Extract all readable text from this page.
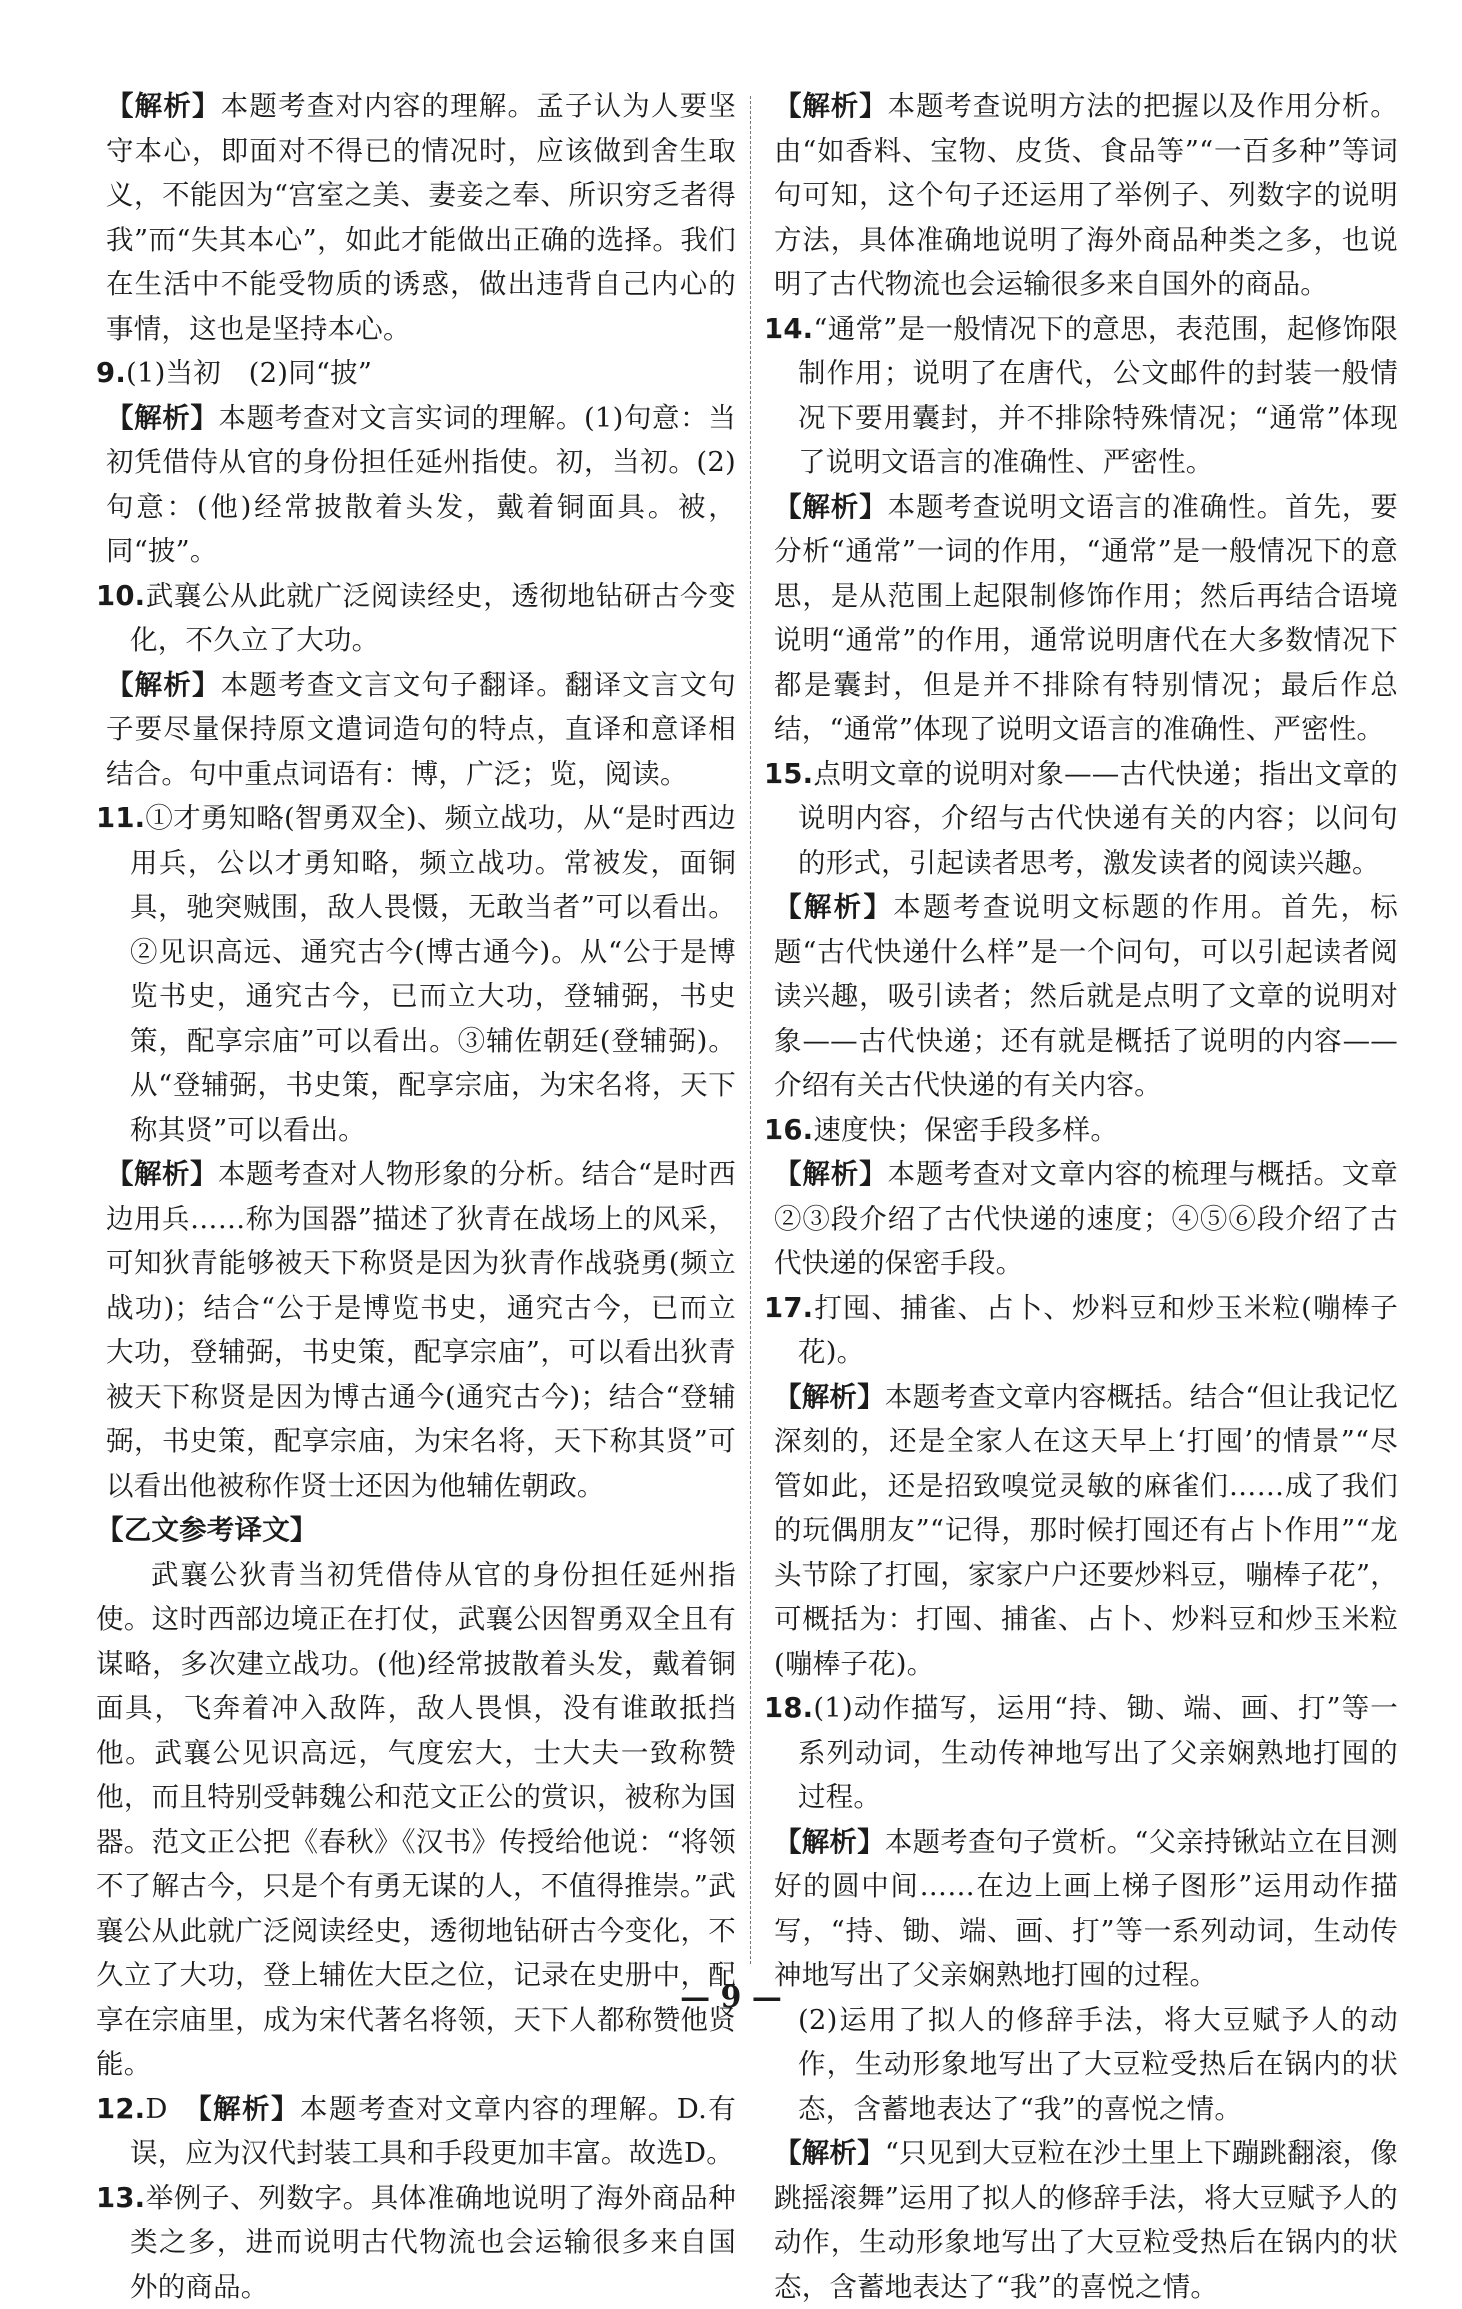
【解析】本题考查对内容的理解。孟子认为人要坚守本心，即面对不得已的情况时，应该做到舍生取义，不能因为“宫室之美、妻妾之奉、所识穷乏者得我”而“失其本心”，如此才能做出正确的选择。我们在生活中不能受物质的诱惑，做出违背自己内心的事情，这也是坚持本心。

9.(1)当初　(2)同“披”

【解析】本题考查对文言实词的理解。(1)句意：当初凭借侍从官的身份担任延州指使。初，当初。(2)句意：(他)经常披散着头发，戴着铜面具。被，同“披”。

10.武襄公从此就广泛阅读经史，透彻地钻研古今变化，不久立了大功。

【解析】本题考查文言文句子翻译。翻译文言文句子要尽量保持原文遣词造句的特点，直译和意译相结合。句中重点词语有：博，广泛；览，阅读。

11.①才勇知略(智勇双全)、频立战功，从“是时西边用兵，公以才勇知略，频立战功。常被发，面铜具，驰突贼围，敌人畏慑，无敢当者”可以看出。②见识高远、通究古今(博古通今)。从“公于是博览书史，通究古今，已而立大功，登辅弼，书史策，配享宗庙”可以看出。③辅佐朝廷(登辅弼)。从“登辅弼，书史策，配享宗庙，为宋名将，天下称其贤”可以看出。

【解析】本题考查对人物形象的分析。结合“是时西边用兵……称为国器”描述了狄青在战场上的风采，可知狄青能够被天下称贤是因为狄青作战骁勇(频立战功)；结合“公于是博览书史，通究古今，已而立大功，登辅弼，书史策，配享宗庙”，可以看出狄青被天下称贤是因为博古通今(通究古今)；结合“登辅弼，书史策，配享宗庙，为宋名将，天下称其贤”可以看出他被称作贤士还因为他辅佐朝政。

【乙文参考译文】

武襄公狄青当初凭借侍从官的身份担任延州指使。这时西部边境正在打仗，武襄公因智勇双全且有谋略，多次建立战功。(他)经常披散着头发，戴着铜面具，飞奔着冲入敌阵，敌人畏惧，没有谁敢抵挡他。武襄公见识高远，气度宏大，士大夫一致称赞他，而且特别受韩魏公和范文正公的赏识，被称为国器。范文正公把《春秋》《汉书》传授给他说：“将领不了解古今，只是个有勇无谋的人，不值得推崇。”武襄公从此就广泛阅读经史，透彻地钻研古今变化，不久立了大功，登上辅佐大臣之位，记录在史册中，配享在宗庙里，成为宋代著名将领，天下人都称赞他贤能。

12.D　【解析】本题考查对文章内容的理解。D.有误，应为汉代封装工具和手段更加丰富。故选D。

13.举例子、列数字。具体准确地说明了海外商品种类之多，进而说明古代物流也会运输很多来自国外的商品。

【解析】本题考查说明方法的把握以及作用分析。由“如香料、宝物、皮货、食品等”“一百多种”等词句可知，这个句子还运用了举例子、列数字的说明方法，具体准确地说明了海外商品种类之多，也说明了古代物流也会运输很多来自国外的商品。

14.“通常”是一般情况下的意思，表范围，起修饰限制作用；说明了在唐代，公文邮件的封装一般情况下要用囊封，并不排除特殊情况；“通常”体现了说明文语言的准确性、严密性。

【解析】本题考查说明文语言的准确性。首先，要分析“通常”一词的作用，“通常”是一般情况下的意思，是从范围上起限制修饰作用；然后再结合语境说明“通常”的作用，通常说明唐代在大多数情况下都是囊封，但是并不排除有特别情况；最后作总结，“通常”体现了说明文语言的准确性、严密性。

15.点明文章的说明对象——古代快递；指出文章的说明内容，介绍与古代快递有关的内容；以问句的形式，引起读者思考，激发读者的阅读兴趣。

【解析】本题考查说明文标题的作用。首先，标题“古代快递什么样”是一个问句，可以引起读者阅读兴趣，吸引读者；然后就是点明了文章的说明对象——古代快递；还有就是概括了说明的内容——介绍有关古代快递的有关内容。

16.速度快；保密手段多样。

【解析】本题考查对文章内容的梳理与概括。文章②③段介绍了古代快递的速度；④⑤⑥段介绍了古代快递的保密手段。

17.打囤、捕雀、占卜、炒料豆和炒玉米粒(嘣棒子花)。

【解析】本题考查文章内容概括。结合“但让我记忆深刻的，还是全家人在这天早上‘打囤’的情景”“尽管如此，还是招致嗅觉灵敏的麻雀们……成了我们的玩偶朋友”“记得，那时候打囤还有占卜作用”“龙头节除了打囤，家家户户还要炒料豆，嘣棒子花”，可概括为：打囤、捕雀、占卜、炒料豆和炒玉米粒(嘣棒子花)。

18.(1)动作描写，运用“持、锄、端、画、打”等一系列动词，生动传神地写出了父亲娴熟地打囤的过程。

【解析】本题考查句子赏析。“父亲持锹站立在目测好的圆中间……在边上画上梯子图形”运用动作描写，“持、锄、端、画、打”等一系列动词，生动传神地写出了父亲娴熟地打囤的过程。

(2)运用了拟人的修辞手法，将大豆赋予人的动作，生动形象地写出了大豆粒受热后在锅内的状态，含蓄地表达了“我”的喜悦之情。

【解析】“只见到大豆粒在沙土里上下蹦跳翻滚，像跳摇滚舞”运用了拟人的修辞手法，将大豆赋予人的动作，生动形象地写出了大豆粒受热后在锅内的状态，含蓄地表达了“我”的喜悦之情。

— 9 —
